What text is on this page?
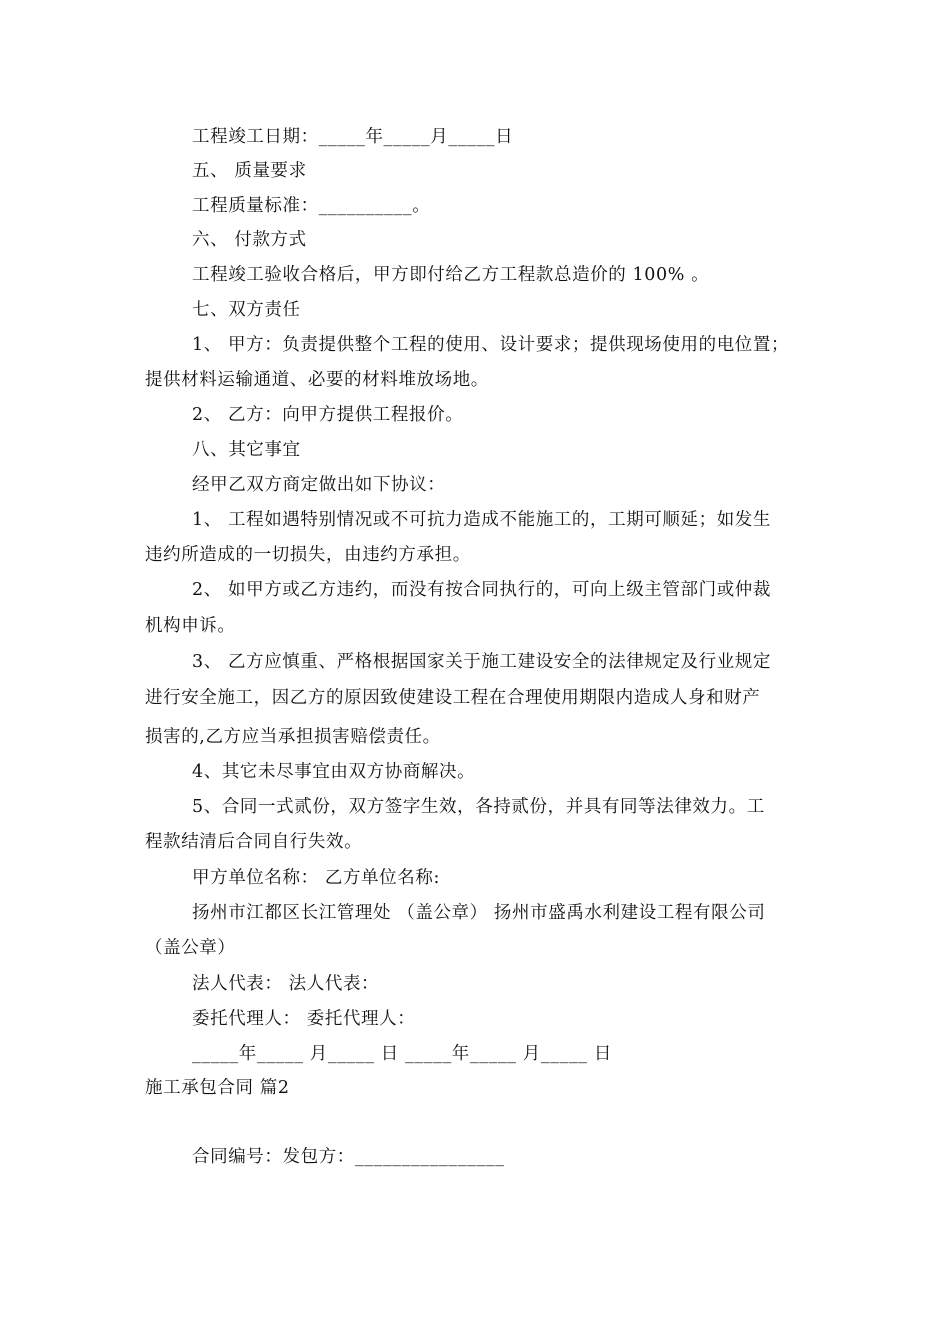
工程竣工日期：_____年_____月_____日
五、 质量要求
工程质量标准：__________。
六、 付款方式
工程竣工验收合格后，甲方即付给乙方工程款总造价的 100% 。
七、双方责任
1、 甲方：负责提供整个工程的使用、设计要求；提供现场使用的电位置；
提供材料运输通道、必要的材料堆放场地。
2、 乙方：向甲方提供工程报价。
八、其它事宜
经甲乙双方商定做出如下协议：
1、 工程如遇特别情况或不可抗力造成不能施工的，工期可顺延；如发生
违约所造成的一切损失，由违约方承担。
2、 如甲方或乙方违约，而没有按合同执行的，可向上级主管部门或仲裁
机构申诉。
3、 乙方应慎重、严格根据国家关于施工建设安全的法律规定及行业规定
进行安全施工，因乙方的原因致使建设工程在合理使用期限内造成人身和财产
损害的,乙方应当承担损害赔偿责任。
4、其它未尽事宜由双方协商解决。
5、合同一式贰份，双方签字生效，各持贰份，并具有同等法律效力。工
程款结清后合同自行失效。
甲方单位名称： 乙方单位名称:
扬州市江都区长江管理处 （盖公章） 扬州市盛禹水利建设工程有限公司
（盖公章）
法人代表： 法人代表：
委托代理人： 委托代理人：
_____年_____ 月_____ 日 _____年_____ 月_____ 日
施工承包合同 篇2
合同编号：发包方：________________
